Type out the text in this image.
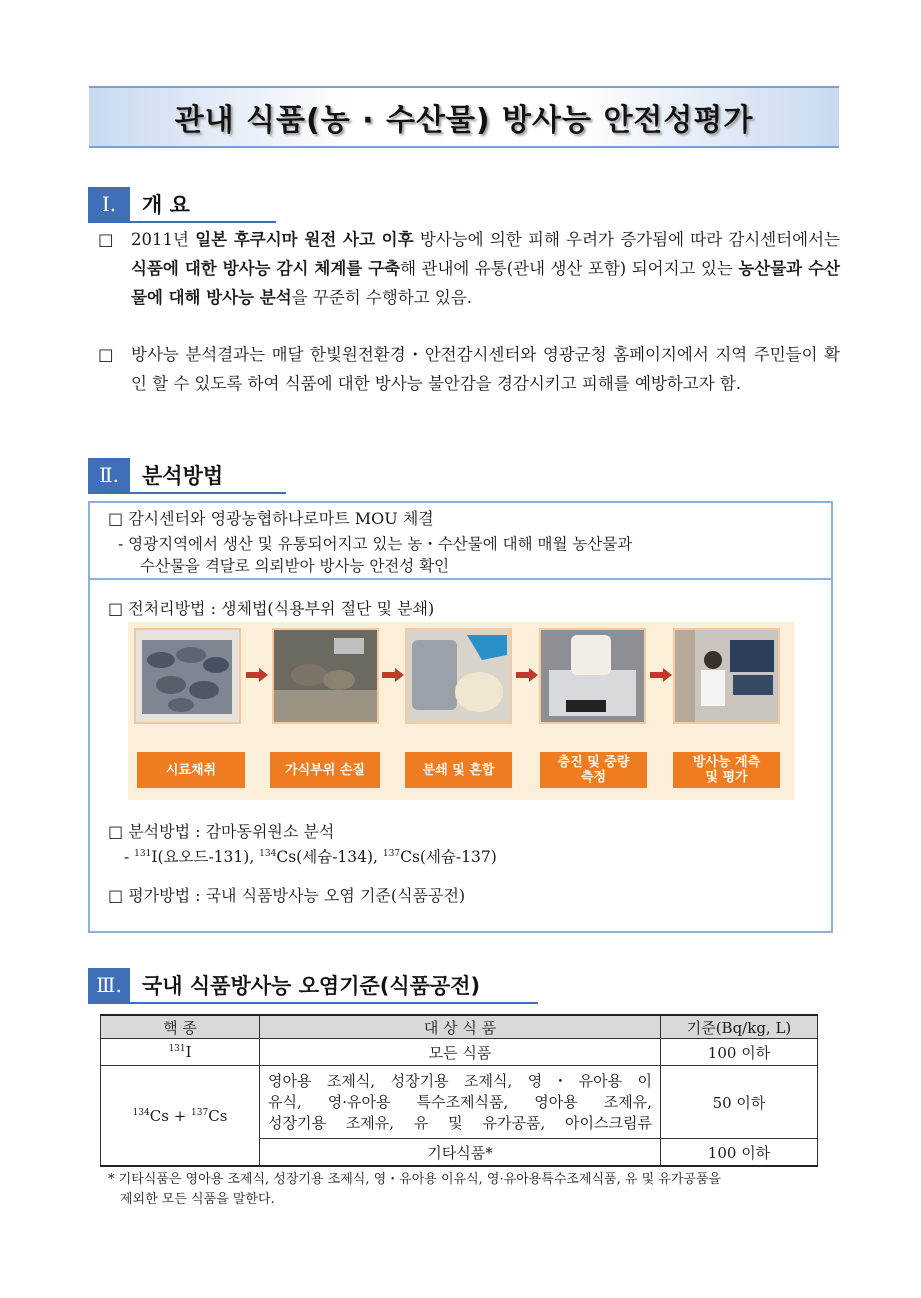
관내 식품(농 · 수산물) 방사능 안전성평가
Ⅰ.	개 요
□ 2011년 일본 후쿠시마 원전 사고 이후 방사능에 의한 피해 우려가 증가됨에 따라 감시센터에서는 식품에 대한 방사능 감시 체계를 구축해 관내에 유통(관내 생산 포함) 되어지고 있는 농산물과 수산물에 대해 방사능 분석을 꾸준히 수행하고 있음.
□ 방사능 분석결과는 매달 한빛원전환경・안전감시센터와 영광군청 홈페이지에서 지역 주민들이 확인 할 수 있도록 하여 식품에 대한 방사능 불안감을 경감시키고 피해를 예방하고자 함.
Ⅱ.	분석방법
□ 감시센터와 영광농협하나로마트 MOU 체결
- 영광지역에서 생산 및 유통되어지고 있는 농・수산물에 대해 매월 농산물과
수산물을 격달로 의뢰받아 방사능 안전성 확인
□ 전처리방법 : 생체법(식용부위 절단 및 분쇄)
시료채취	가식부위 손질	분쇄 및 혼합	충진 및 중량
측정
방사능 계측
및 평가
□ 분석방법 : 감마동위원소 분석
- $^{131}$I(요오드-131), $^{134}$Cs(세슘-134), $^{137}$Cs(세슘-137)
□ 평가방법 : 국내 식품방사능 오염 기준(식품공전)
Ⅲ. 국내 식품방사능 오염기준(식품공전)
핵 종	대 상 식 품	기준(Bq/kg, L)
$^{131}$I	모든 식품	100 이하
$^{134}$Cs + $^{137}$Cs	영아용 조제식, 성장기용 조제식, 영・유아용 이
유식, 영·유아용 특수조제식품, 영아용 조제유,
성장기용 조제유, 유 및 유가공품, 아이스크림류	50 이하
	기타식품*	100 이하
* 기타식품은 영아용 조제식, 성장기용 조제식, 영・유아용 이유식, 영·유아용특수조제식품, 유 및 유가공품을
제외한 모든 식품을 말한다.
